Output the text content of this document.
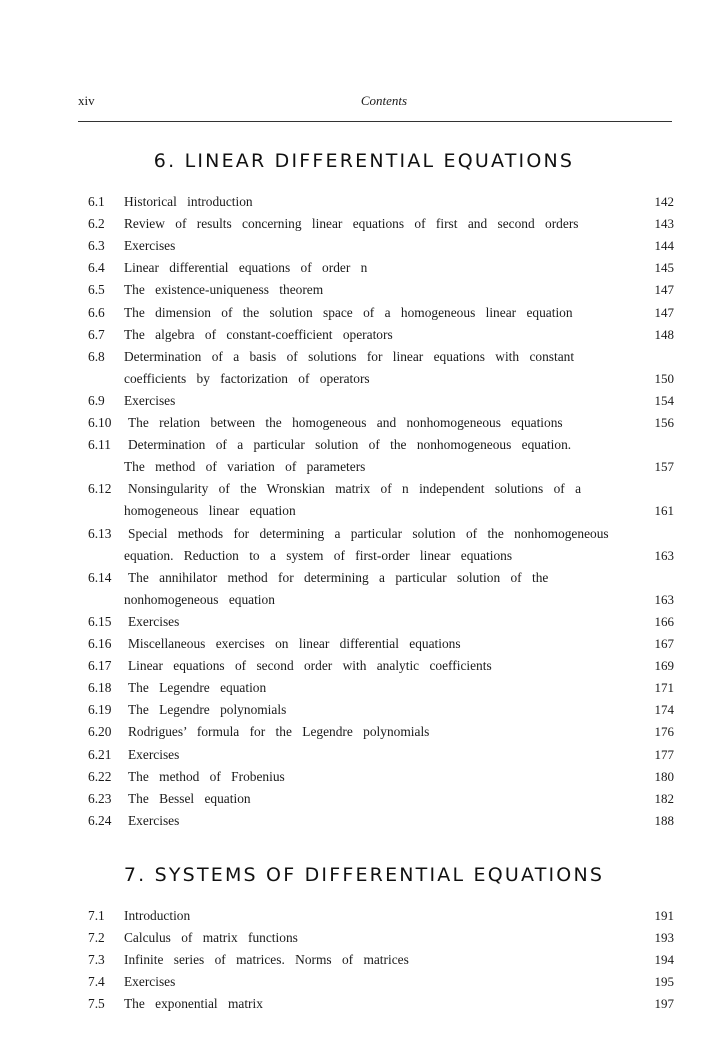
xiv	Contents
6. LINEAR DIFFERENTIAL EQUATIONS
6.1 Historical introduction	142
6.2 Review of results concerning linear equations of first and second orders	143
6.3 Exercises	144
6.4 Linear differential equations of order n	145
6.5 The existence-uniqueness theorem	147
6.6 The dimension of the solution space of a homogeneous linear equation	147
6.7 The algebra of constant-coefficient operators	148
6.8 Determination of a basis of solutions for linear equations with constant
coefficients by factorization of operators	150
6.9 Exercises	154
6.10 The relation between the homogeneous and nonhomogeneous equations	156
6.11 Determination of a particular solution of the nonhomogeneous equation.
The method of variation of parameters	157
6.12 Nonsingularity of the Wronskian matrix of n independent solutions of a
homogeneous linear equation	161
6.13 Special methods for determining a particular solution of the nonhomogeneous
equation. Reduction to a system of first-order linear equations	163
6.14 The annihilator method for determining a particular solution of the
nonhomogeneous equation	163
6.15 Exercises	166
6.16 Miscellaneous exercises on linear differential equations	167
6.17 Linear equations of second order with analytic coefficients	169
6.18 The Legendre equation	171
6.19 The Legendre polynomials	174
6.20 Rodrigues’ formula for the Legendre polynomials	176
6.21 Exercises	177
6.22 The method of Frobenius	180
6.23 The Bessel equation	182
6.24 Exercises	188
7. SYSTEMS OF DIFFERENTIAL EQUATIONS
7.1 Introduction	191
7.2 Calculus of matrix functions	193
7.3 Infinite series of matrices. Norms of matrices	194
7.4 Exercises	195
7.5 The exponential matrix	197
